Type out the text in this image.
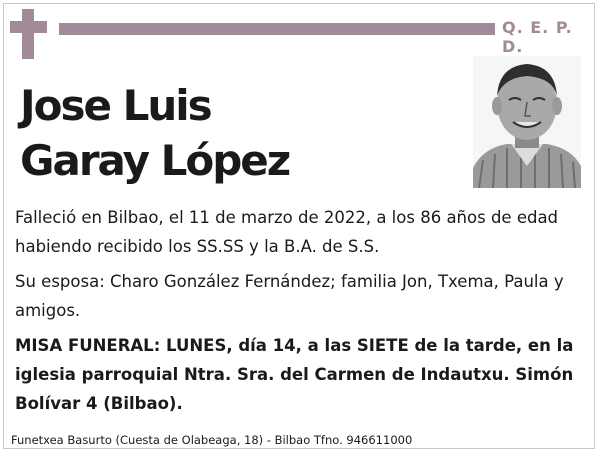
Q. E. P. D.
Jose Luis
Garay López

Falleció en Bilbao, el 11 de marzo de 2022, a los 86 años de edad habiendo recibido los SS.SS y la B.A. de S.S.

Su esposa: Charo González Fernández; familia Jon, Txema, Paula y amigos.

MISA FUNERAL: LUNES, día 14, a las SIETE de la tarde, en la iglesia parroquial Ntra. Sra. del Carmen de Indautxu. Simón Bolívar 4 (Bilbao).

Funetxea Basurto (Cuesta de Olabeaga, 18) - Bilbao Tfno. 946611000
